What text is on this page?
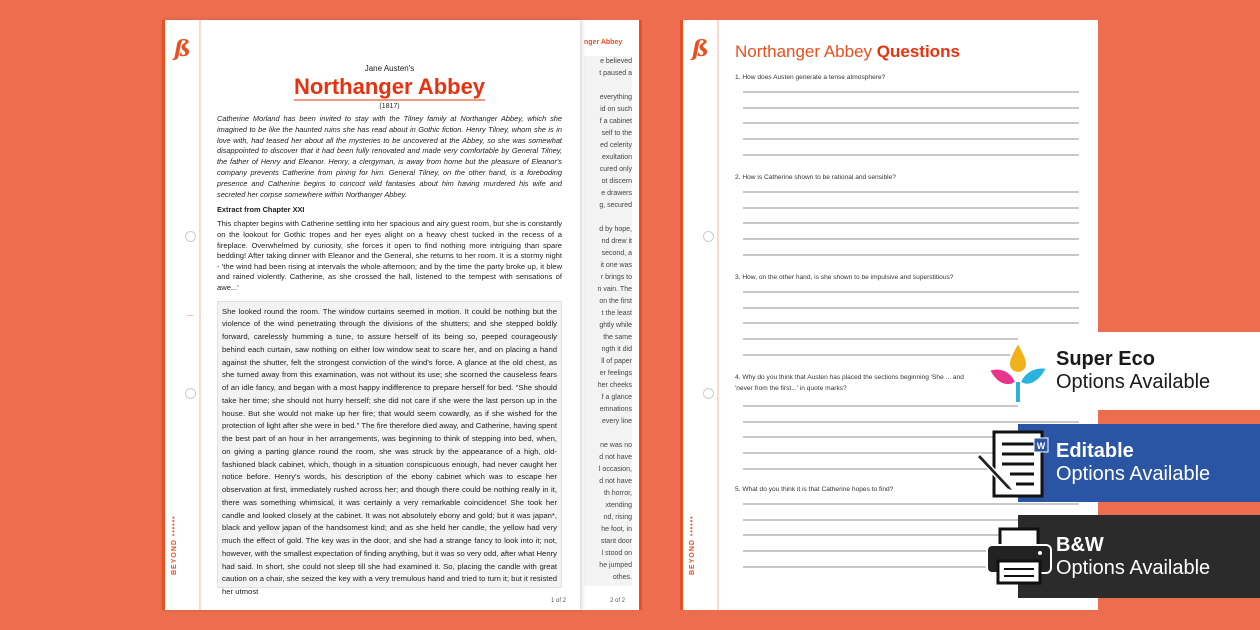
nger Abbey
e believed
t paused a

everything
id on such
f a cabinet
self to the
ed celerity
exultation
cured only
ot discern
e drawers
g, secured

d by hope,
nd drew it
second, a
it one was
r brings to
n vain. The
on the first
t the least
ghtly while
the same
ngth it did
ll of paper
er feelings
her cheeks
f a glance
emnations
every line

ne was no
d not have
l occasion,
d not have
th horror,
xtending
nd, rising
he foot, in
stant door
l stood on
he jumped
othes.
2 of 2
ß
BEYOND ••••••
Jane Austen's
Northanger Abbey
(1817)
Catherine Morland has been invited to stay with the Tilney family at Northanger Abbey, which she imagined to be like the haunted ruins she has read about in Gothic fiction. Henry Tilney, whom she is in love with, had teased her about all the mysteries to be uncovered at the Abbey, so she was somewhat disappointed to discover that it had been fully renovated and made very comfortable by General Tilney, the father of Henry and Eleanor. Henry, a clergyman, is away from home but the pleasure of Eleanor's company prevents Catherine from pining for him. General Tilney, on the other hand, is a foreboding presence and Catherine begins to concoct wild fantasies about him having murdered his wife and secreted her corpse somewhere within Northanger Abbey.
Extract from Chapter XXI
This chapter begins with Catherine settling into her spacious and airy guest room, but she is constantly on the lookout for Gothic tropes and her eyes alight on a heavy chest tucked in the recess of a fireplace. Overwhelmed by curiosity, she forces it open to find nothing more intriguing than spare bedding! After taking dinner with Eleanor and the General, she returns to her room. It is a stormy night - 'the wind had been rising at intervals the whole afternoon; and by the time the party broke up, it blew and rained violently. Catherine, as she crossed the hall, listened to the tempest with sensations of awe...'
She looked round the room. The window curtains seemed in motion. It could be nothing but the violence of the wind penetrating through the divisions of the shutters; and she stepped boldly forward, carelessly humming a tune, to assure herself of its being so, peeped courageously behind each curtain, saw nothing on either low window seat to scare her, and on placing a hand against the shutter, felt the strongest conviction of the wind's force. A glance at the old chest, as she turned away from this examination, was not without its use; she scorned the causeless fears of an idle fancy, and began with a most happy indifference to prepare herself for bed. "She should take her time; she should not hurry herself; she did not care if she were the last person up in the house. But she would not make up her fire; that would seem cowardly, as if she wished for the protection of light after she were in bed." The fire therefore died away, and Catherine, having spent the best part of an hour in her arrangements, was beginning to think of stepping into bed, when, on giving a parting glance round the room, she was struck by the appearance of a high, old-fashioned black cabinet, which, though in a situation conspicuous enough, had never caught her notice before. Henry's words, his description of the ebony cabinet which was to escape her observation at first, immediately rushed across her; and though there could be nothing really in it, there was something whimsical, it was certainly a very remarkable coincidence! She took her candle and looked closely at the cabinet. It was not absolutely ebony and gold; but it was japan*, black and yellow japan of the handsomest kind; and as she held her candle, the yellow had very much the effect of gold. The key was in the door, and she had a strange fancy to look into it; not, however, with the smallest expectation of finding anything, but it was so very odd, after what Henry had said. In short, she could not sleep till she had examined it. So, placing the candle with great caution on a chair, she seized the key with a very tremulous hand and tried to turn it; but it resisted her utmost
1 of 2
ß
BEYOND ••••••
Northanger Abbey Questions
1. How does Austen generate a tense atmosphere?
2. How is Catherine shown to be rational and sensible?
3. How, on the other hand, is she shown to be impulsive and superstitious?
4. Why do you think that Austen has placed the sections beginning 'She ... and 'never from the first...' in quote marks?
5. What do you think it is that Catherine hopes to find?
Super Eco
Options Available
Editable
Options Available
W
B&W
Options Available
